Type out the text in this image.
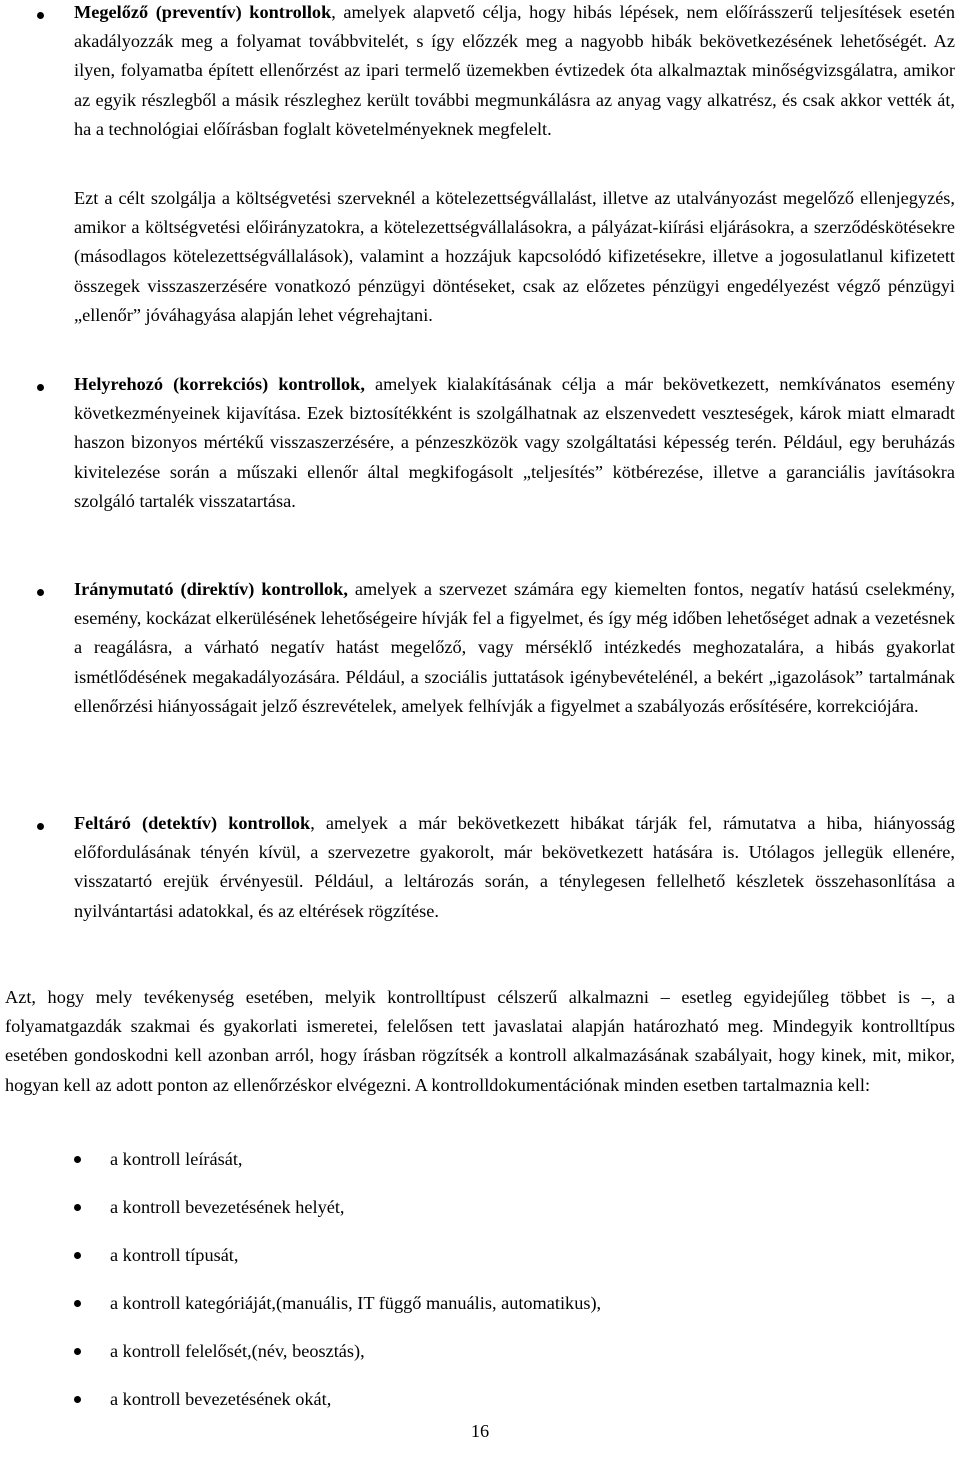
Megelőző (preventív) kontrollok, amelyek alapvető célja, hogy hibás lépések, nem előírásszerű teljesítések esetén akadályozzák meg a folyamat továbbvitelét, s így előzzék meg a nagyobb hibák bekövetkezésének lehetőségét. Az ilyen, folyamatba épített ellenőrzést az ipari termelő üzemekben évtizedek óta alkalmaztak minőségvizsgálatra, amikor az egyik részlegből a másik részleghez került további megmunkálásra az anyag vagy alkatrész, és csak akkor vették át, ha a technológiai előírásban foglalt követelményeknek megfelelt.
Ezt a célt szolgálja a költségvetési szerveknél a kötelezettségvállalást, illetve az utalványozást megelőző ellenjegyzés, amikor a költségvetési előirányzatokra, a kötelezettségvállalásokra, a pályázat-kiírási eljárásokra, a szerződéskötésekre (másodlagos kötelezettségvállalások), valamint a hozzájuk kapcsolódó kifizetésekre, illetve a jogosulatlanul kifizetett összegek visszaszerzésére vonatkozó pénzügyi döntéseket, csak az előzetes pénzügyi engedélyezést végző pénzügyi „ellenőr” jóváhagyása alapján lehet végrehajtani.
Helyrehozó (korrekciós) kontrollok, amelyek kialakításának célja a már bekövetkezett, nemkívánatos esemény következményeinek kijavítása. Ezek biztosítékként is szolgálhatnak az elszenvedett veszteségek, károk miatt elmaradt haszon bizonyos mértékű visszaszerzésére, a pénzeszközök vagy szolgáltatási képesség terén. Például, egy beruházás kivitelezése során a műszaki ellenőr által megkifogásolt „teljesítés” kötbérezése, illetve a garanciális javításokra szolgáló tartalék visszatartása.
Iránymutató (direktív) kontrollok, amelyek a szervezet számára egy kiemelten fontos, negatív hatású cselekmény, esemény, kockázat elkerülésének lehetőségeire hívják fel a figyelmet, és így még időben lehetőséget adnak a vezetésnek a reagálásra, a várható negatív hatást megelőző, vagy mérséklő intézkedés meghozatalára, a hibás gyakorlat ismétlődésének megakadályozására. Például, a szociális juttatások igénybevételénél, a bekért „igazolások” tartalmának ellenőrzési hiányosságait jelző észrevételek, amelyek felhívják a figyelmet a szabályozás erősítésére, korrekciójára.
Feltáró (detektív) kontrollok, amelyek a már bekövetkezett hibákat tárják fel, rámutatva a hiba, hiányosság előfordulásának tényén kívül, a szervezetre gyakorolt, már bekövetkezett hatására is. Utólagos jellegük ellenére, visszatartó erejük érvényesül. Például, a leltározás során, a ténylegesen fellelhető készletek összehasonlítása a nyilvántartási adatokkal, és az eltérések rögzítése.
Azt, hogy mely tevékenység esetében, melyik kontrolltípust célszerű alkalmazni – esetleg egyidejűleg többet is –, a folyamatgazdák szakmai és gyakorlati ismeretei, felelősen tett javaslatai alapján határozható meg. Mindegyik kontrolltípus esetében gondoskodni kell azonban arról, hogy írásban rögzítsék a kontroll alkalmazásának szabályait, hogy kinek, mit, mikor, hogyan kell az adott ponton az ellenőrzéskor elvégezni. A kontrolldokumentációnak minden esetben tartalmaznia kell:
a kontroll leírását,
a kontroll bevezetésének helyét,
a kontroll típusát,
a kontroll kategóriáját,(manuális, IT függő manuális, automatikus),
a kontroll felelősét,(név, beosztás),
a kontroll bevezetésének okát,
16
